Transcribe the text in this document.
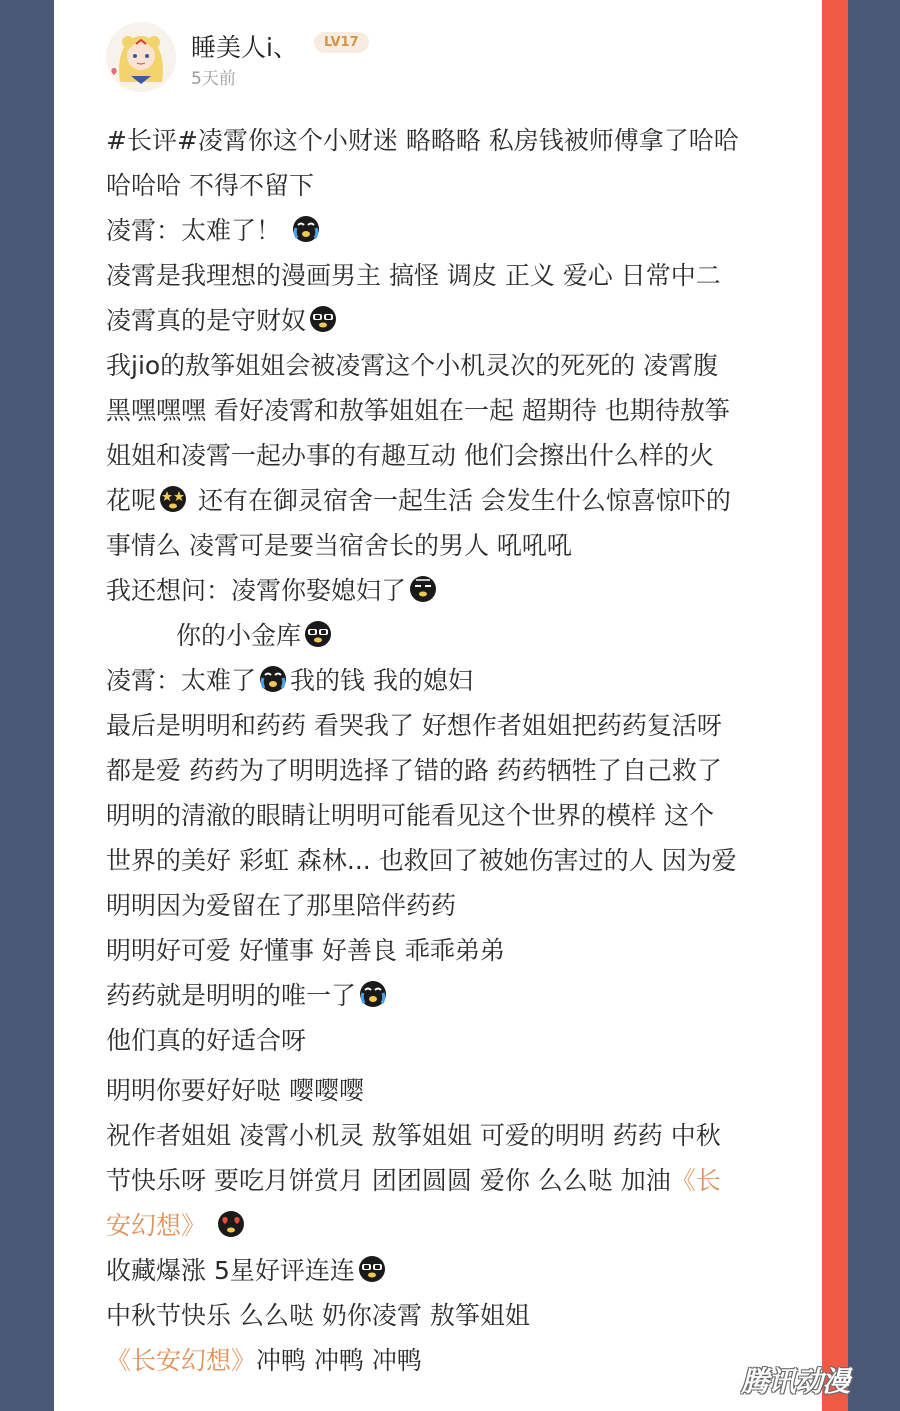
睡美人i、	LV17
5天前
#长评#凌霄你这个小财迷 略略略 私房钱被师傅拿了哈哈
哈哈哈 不得不留下
凌霄：太难了！
凌霄是我理想的漫画男主 搞怪 调皮 正义 爱心 日常中二
凌霄真的是守财奴
我jio的敖筝姐姐会被凌霄这个小机灵次的死死的 凌霄腹
黑嘿嘿嘿 看好凌霄和敖筝姐姐在一起 超期待 也期待敖筝
姐姐和凌霄一起办事的有趣互动 他们会擦出什么样的火
花呢 还有在御灵宿舍一起生活 会发生什么惊喜惊吓的
事情么 凌霄可是要当宿舍长的男人 吼吼吼
我还想问：凌霄你娶媳妇了
你的小金库
凌霄：太难了 我的钱 我的媳妇
最后是明明和药药 看哭我了 好想作者姐姐把药药复活呀
都是爱 药药为了明明选择了错的路 药药牺牲了自己救了
明明的清澈的眼睛让明明可能看见这个世界的模样 这个
世界的美好 彩虹 森林... 也救回了被她伤害过的人 因为爱
明明因为爱留在了那里陪伴药药
明明好可爱 好懂事 好善良 乖乖弟弟
药药就是明明的唯一了
他们真的好适合呀
明明你要好好哒 嘤嘤嘤
祝作者姐姐 凌霄小机灵 敖筝姐姐 可爱的明明 药药 中秋
节快乐呀 要吃月饼赏月 团团圆圆 爱你 么么哒 加油《长
安幻想》
收藏爆涨 5星好评连连
中秋节快乐 么么哒 奶你凌霄 敖筝姐姐
《长安幻想》冲鸭 冲鸭 冲鸭
腾讯动漫
